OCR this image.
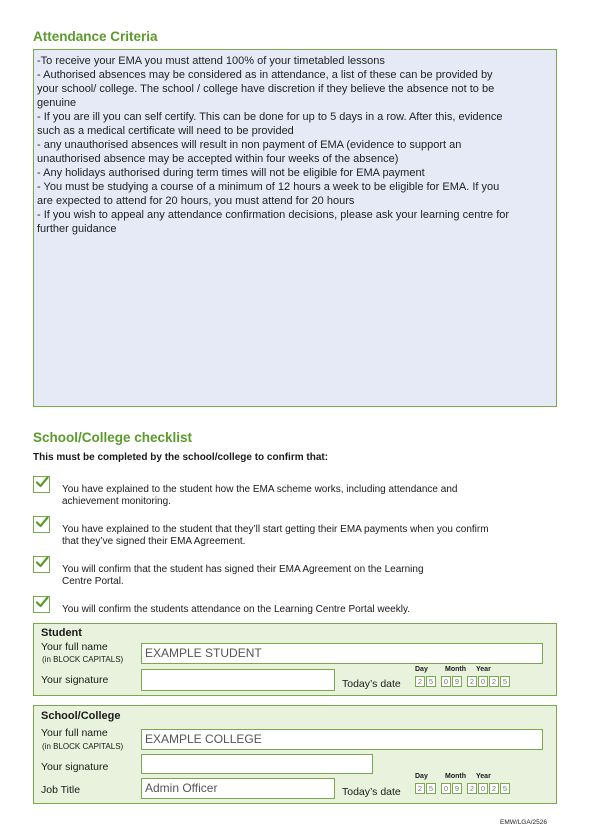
Attendance Criteria
-To receive your EMA you must attend 100% of your timetabled lessons
- Authorised absences may be considered as in attendance, a list of these can be provided by
your school/ college. The school / college have discretion if they believe the absence not to be
genuine
- If you are ill you can self certify. This can be done for up to 5 days in a row. After this, evidence
such as a medical certificate will need to be provided
- any unauthorised absences will result in non payment of EMA (evidence to support an
unauthorised absence may be accepted within four weeks of the absence)
- Any holidays authorised during term times will not be eligible for EMA payment
- You must be studying a course of a minimum of 12 hours a week to be eligible for EMA. If you
are expected to attend for 20 hours, you must attend for 20 hours
- If you wish to appeal any attendance confirmation decisions, please ask your learning centre for
further guidance
School/College checklist
This must be completed by the school/college to confirm that:
You have explained to the student how the EMA scheme works, including attendance and
achievement monitoring.
You have explained to the student that they’ll start getting their EMA payments when you confirm
that they’ve signed their EMA Agreement.
You will confirm that the student has signed their EMA Agreement on the Learning
Centre Portal.
You will confirm the students attendance on the Learning Centre Portal weekly.
Student
Your full name
(in BLOCK CAPITALS)	EXAMPLE STUDENT
Your signature	Today’s date
Day Month Year
2 5	0 9	2 0 2 5
School/College
Your full name
(in BLOCK CAPITALS)
EXAMPLE COLLEGE
Your signature
Job Title	Admin Officer	Today’s date
Day Month Year
2 5	0 9	2 0 2 5
EMW/LGA/2526
